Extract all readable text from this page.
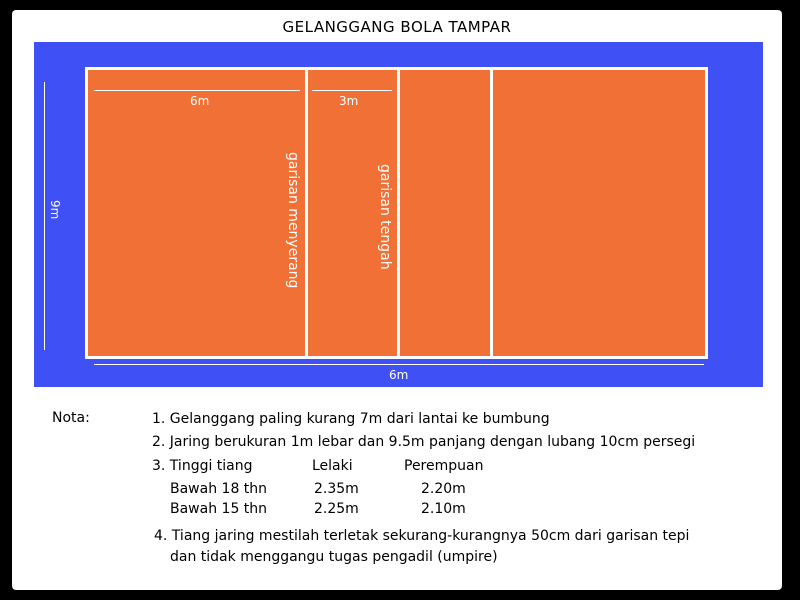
GELANGGANG BOLA TAMPAR
6m	3m
6m
9m	garisan menyerang	garisan tengah
Nota:	1. Gelanggang paling kurang 7m dari lantai ke bumbung
2. Jaring berukuran 1m lebar dan 9.5m panjang dengan lubang 10cm persegi
3. Tinggi tiang	Lelaki	Perempuan
Bawah 18 thn	2.35m	2.20m
Bawah 15 thn	2.25m	2.10m
4. Tiang jaring mestilah terletak sekurang-kurangnya 50cm dari garisan tepi
dan tidak menggangu tugas pengadil (umpire)
